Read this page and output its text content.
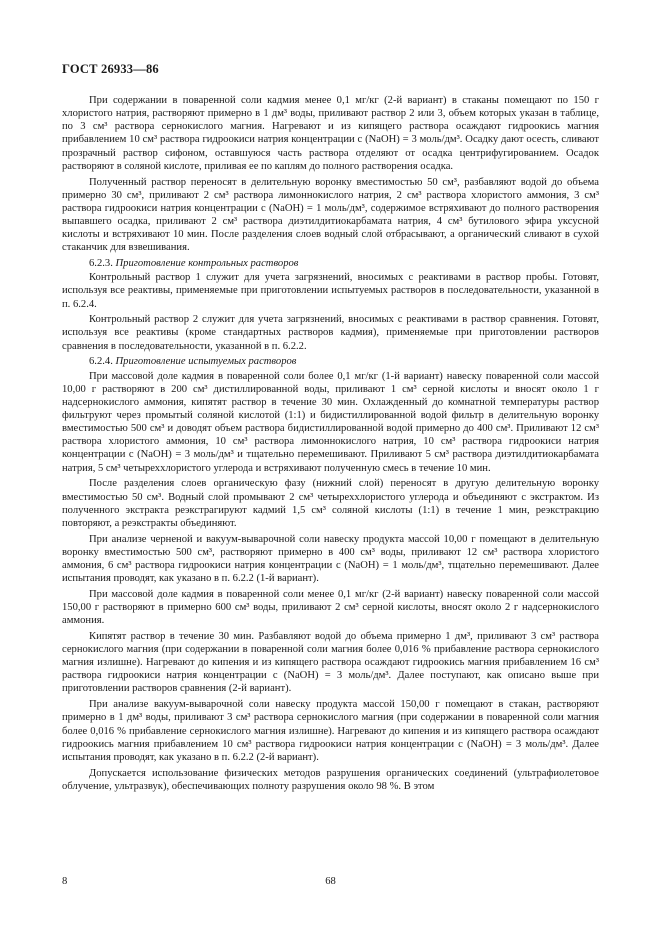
ГОСТ 26933—86

При содержании в поваренной соли кадмия менее 0,1 мг/кг (2-й вариант) в стаканы помещают по 150 г хлористого натрия, растворяют примерно в 1 дм³ воды, приливают раствор 2 или 3, объем которых указан в таблице, по 3 см³ раствора сернокислого магния. Нагревают и из кипящего раствора осаждают гидроокись магния прибавлением 10 см³ раствора гидроокиси натрия концентрации c (NaOH) = 3 моль/дм³. Осадку дают осесть, сливают прозрачный раствор сифоном, оставшуюся часть раствора отделяют от осадка центрифугированием. Осадок растворяют в соляной кислоте, приливая ее по каплям до полного растворения осадка.

Полученный раствор переносят в делительную воронку вместимостью 50 см³, разбавляют водой до объема примерно 30 см³, приливают 2 см³ раствора лимоннокислого натрия, 2 см³ раствора хлористого аммония, 3 см³ раствора гидроокиси натрия концентрации c (NaOH) = 1 моль/дм³, содержимое встряхивают до полного растворения выпавшего осадка, приливают 2 см³ раствора диэтилдитиокарбамата натрия, 4 см³ бутилового эфира уксусной кислоты и встряхивают 10 мин. После разделения слоев водный слой отбрасывают, а органический сливают в сухой стаканчик для взвешивания.

6.2.3. Приготовление контрольных растворов

Контрольный раствор 1 служит для учета загрязнений, вносимых с реактивами в раствор пробы. Готовят, используя все реактивы, применяемые при приготовлении испытуемых растворов в последовательности, указанной в п. 6.2.4.

Контрольный раствор 2 служит для учета загрязнений, вносимых с реактивами в раствор сравнения. Готовят, используя все реактивы (кроме стандартных растворов кадмия), применяемые при приготовлении растворов сравнения в последовательности, указанной в п. 6.2.2.

6.2.4. Приготовление испытуемых растворов

При массовой доле кадмия в поваренной соли более 0,1 мг/кг (1-й вариант) навеску поваренной соли массой 10,00 г растворяют в 200 см³ дистиллированной воды, приливают 1 см³ серной кислоты и вносят около 1 г надсернокислого аммония, кипятят раствор в течение 30 мин. Охлажденный до комнатной температуры раствор фильтруют через промытый соляной кислотой (1:1) и бидистиллированной водой фильтр в делительную воронку вместимостью 500 см³ и доводят объем раствора бидистиллированной водой примерно до 400 см³. Приливают 12 см³ раствора хлористого аммония, 10 см³ раствора лимоннокислого натрия, 10 см³ раствора гидроокиси натрия концентрации c (NaOH) = 3 моль/дм³ и тщательно перемешивают. Приливают 5 см³ раствора диэтилдитиокарбамата натрия, 5 см³ четыреххлористого углерода и встряхивают полученную смесь в течение 10 мин.

После разделения слоев органическую фазу (нижний слой) переносят в другую делительную воронку вместимостью 50 см³. Водный слой промывают 2 см³ четыреххлористого углерода и объединяют с экстрактом. Из полученного экстракта реэкстрагируют кадмий 1,5 см³ соляной кислоты (1:1) в течение 1 мин, реэкстракцию повторяют, а реэкстракты объединяют.

При анализе черненой и вакуум-выварочной соли навеску продукта массой 10,00 г помещают в делительную воронку вместимостью 500 см³, растворяют примерно в 400 см³ воды, приливают 12 см³ раствора хлористого аммония, 6 см³ раствора гидроокиси натрия концентрации c (NaOH) = 1 моль/дм³, тщательно перемешивают. Далее испытания проводят, как указано в п. 6.2.2 (1-й вариант).

При массовой доле кадмия в поваренной соли менее 0,1 мг/кг (2-й вариант) навеску поваренной соли массой 150,00 г растворяют в примерно 600 см³ воды, приливают 2 см³ серной кислоты, вносят около 2 г надсернокислого аммония.

Кипятят раствор в течение 30 мин. Разбавляют водой до объема примерно 1 дм³, приливают 3 см³ раствора сернокислого магния (при содержании в поваренной соли магния более 0,016 % прибавление раствора сернокислого магния излишне). Нагревают до кипения и из кипящего раствора осаждают гидроокись магния прибавлением 16 см³ раствора гидроокиси натрия концентрации c (NaOH) = 3 моль/дм³. Далее поступают, как описано выше при приготовлении растворов сравнения (2-й вариант).

При анализе вакуум-выварочной соли навеску продукта массой 150,00 г помещают в стакан, растворяют примерно в 1 дм³ воды, приливают 3 см³ раствора сернокислого магния (при содержании в поваренной соли магния более 0,016 % прибавление сернокислого магния излишне). Нагревают до кипения и из кипящего раствора осаждают гидроокись магния прибавлением 10 см³ раствора гидроокиси натрия концентрации c (NaOH) = 3 моль/дм³. Далее испытания проводят, как указано в п. 6.2.2 (2-й вариант).

Допускается использование физических методов разрушения органических соединений (ультрафиолетовое облучение, ультразвук), обеспечивающих полноту разрушения около 98 %. В этом

8	68
